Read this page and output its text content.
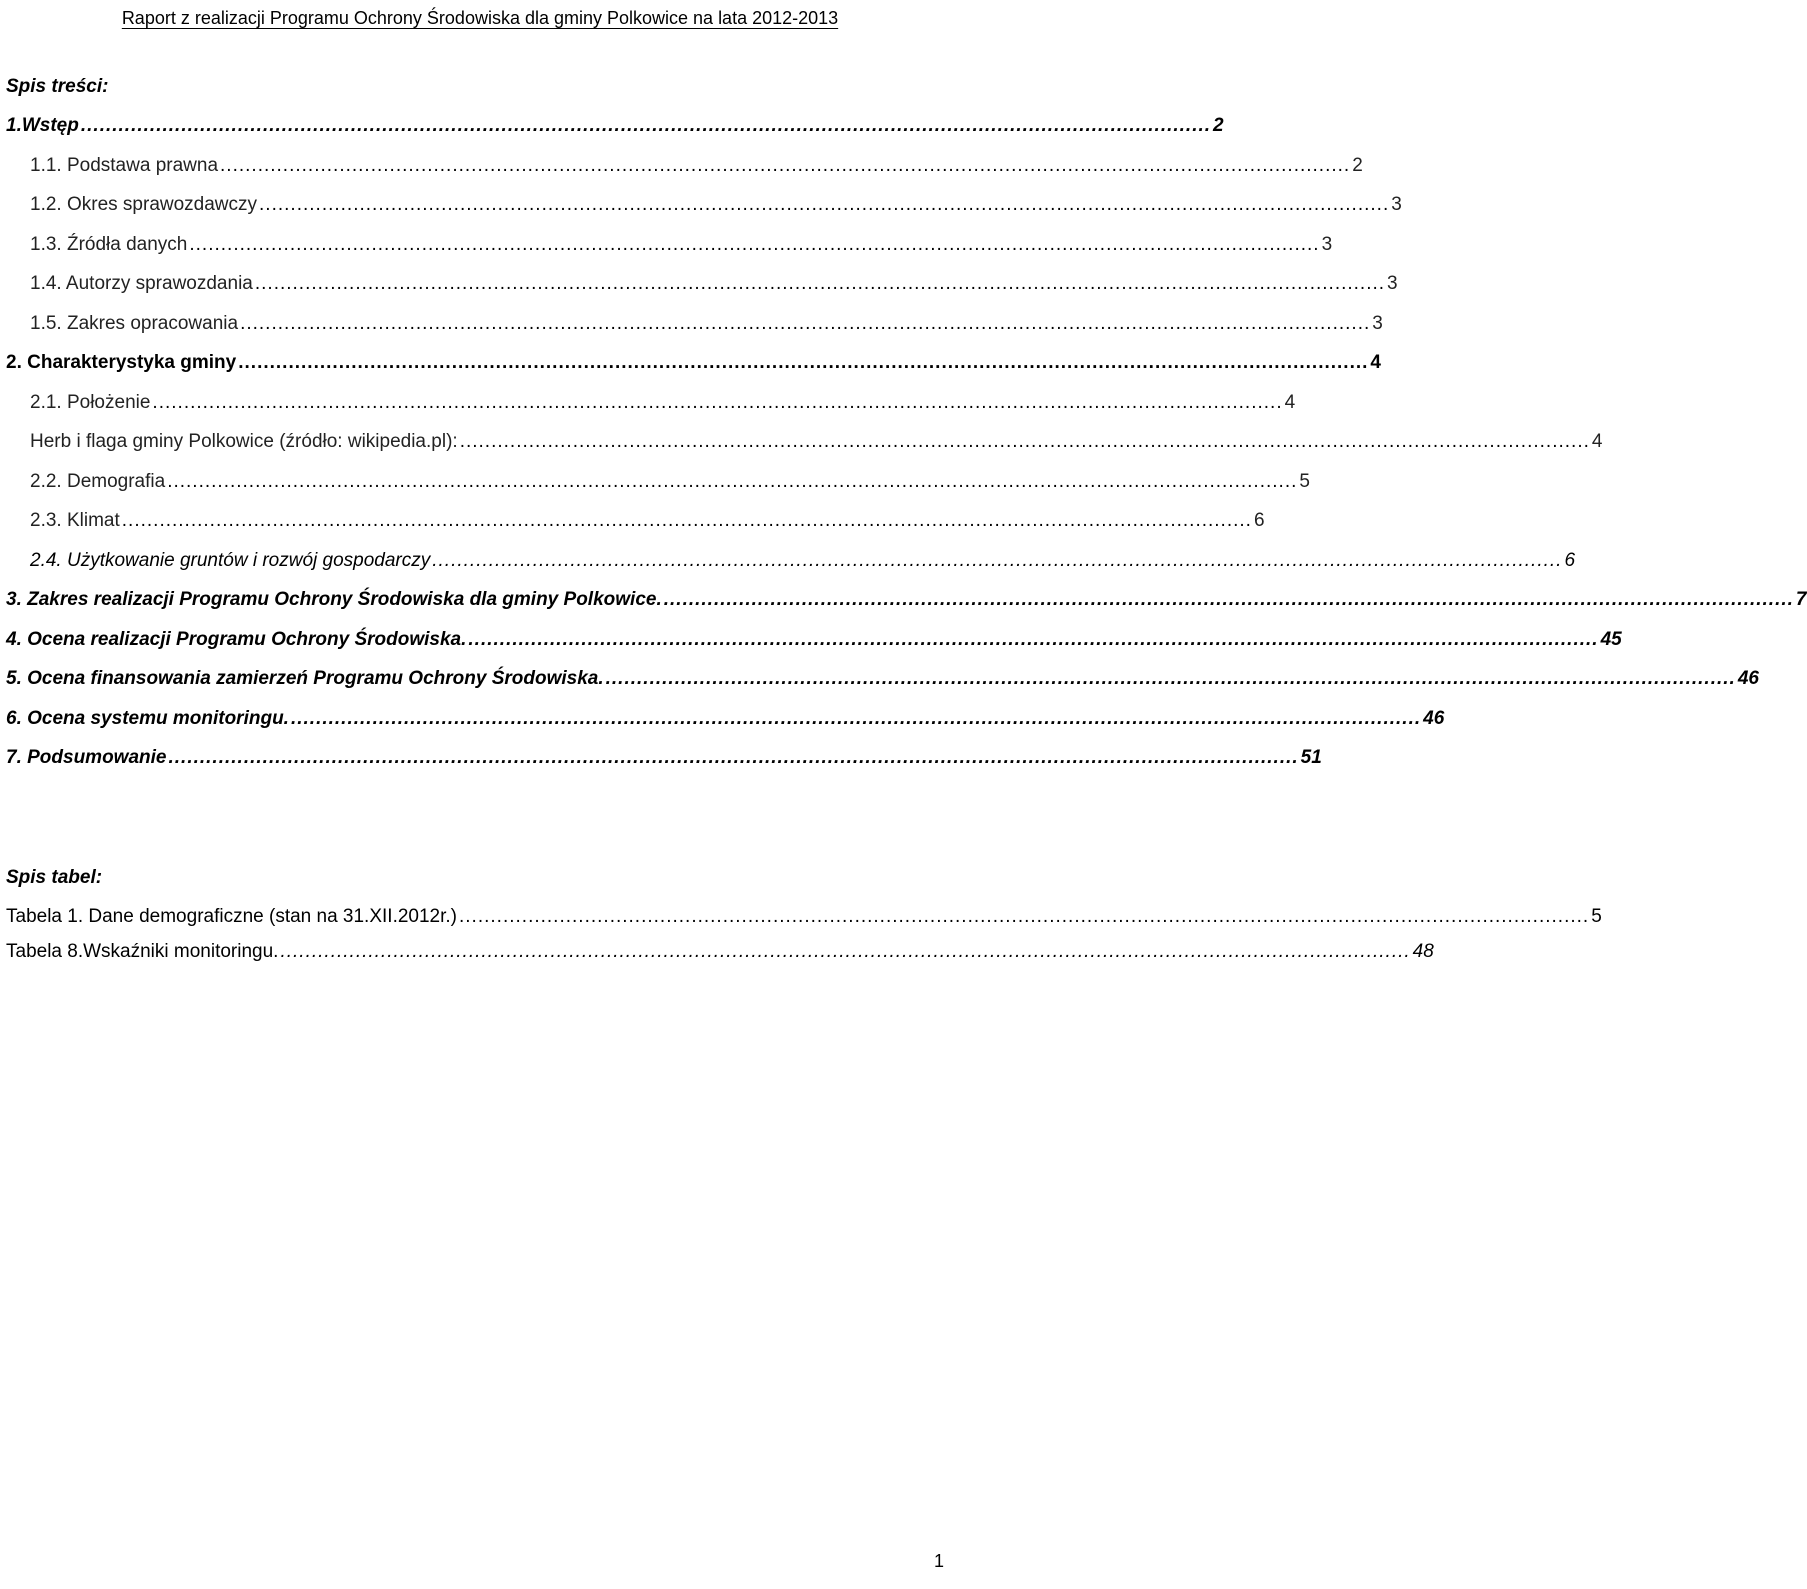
Raport z realizacji Programu Ochrony Środowiska dla gminy Polkowice na lata 2012-2013
Spis treści:
1.Wstęp .................................................................................................................................................................................... 2
1.1. Podstawa prawna .................................................................................................................................................................................... 2
1.2. Okres sprawozdawczy .................................................................................................................................................................................... 3
1.3. Źródła danych .................................................................................................................................................................................... 3
1.4. Autorzy sprawozdania .................................................................................................................................................................................... 3
1.5. Zakres opracowania .................................................................................................................................................................................... 3
2. Charakterystyka gminy .................................................................................................................................................................................... 4
2.1. Położenie .................................................................................................................................................................................... 4
Herb i flaga gminy Polkowice (źródło: wikipedia.pl): .................................................................................................................................................................................... 4
2.2. Demografia .................................................................................................................................................................................... 5
2.3. Klimat .................................................................................................................................................................................... 6
2.4. Użytkowanie gruntów i rozwój gospodarczy .................................................................................................................................................................................... 6
3. Zakres realizacji Programu Ochrony Środowiska dla gminy Polkowice. .................................................................................................................................................................................... 7
4. Ocena realizacji Programu Ochrony Środowiska. .................................................................................................................................................................................... 45
5. Ocena finansowania zamierzeń Programu Ochrony Środowiska. .................................................................................................................................................................................... 46
6. Ocena systemu monitoringu. .................................................................................................................................................................................... 46
7. Podsumowanie .................................................................................................................................................................................... 51
Spis tabel:
Tabela 1. Dane demograficzne (stan na 31.XII.2012r.) .................................................................................................................................................................................... 5
Tabela 8.Wskaźniki monitoringu. .................................................................................................................................................................................... 48
1
